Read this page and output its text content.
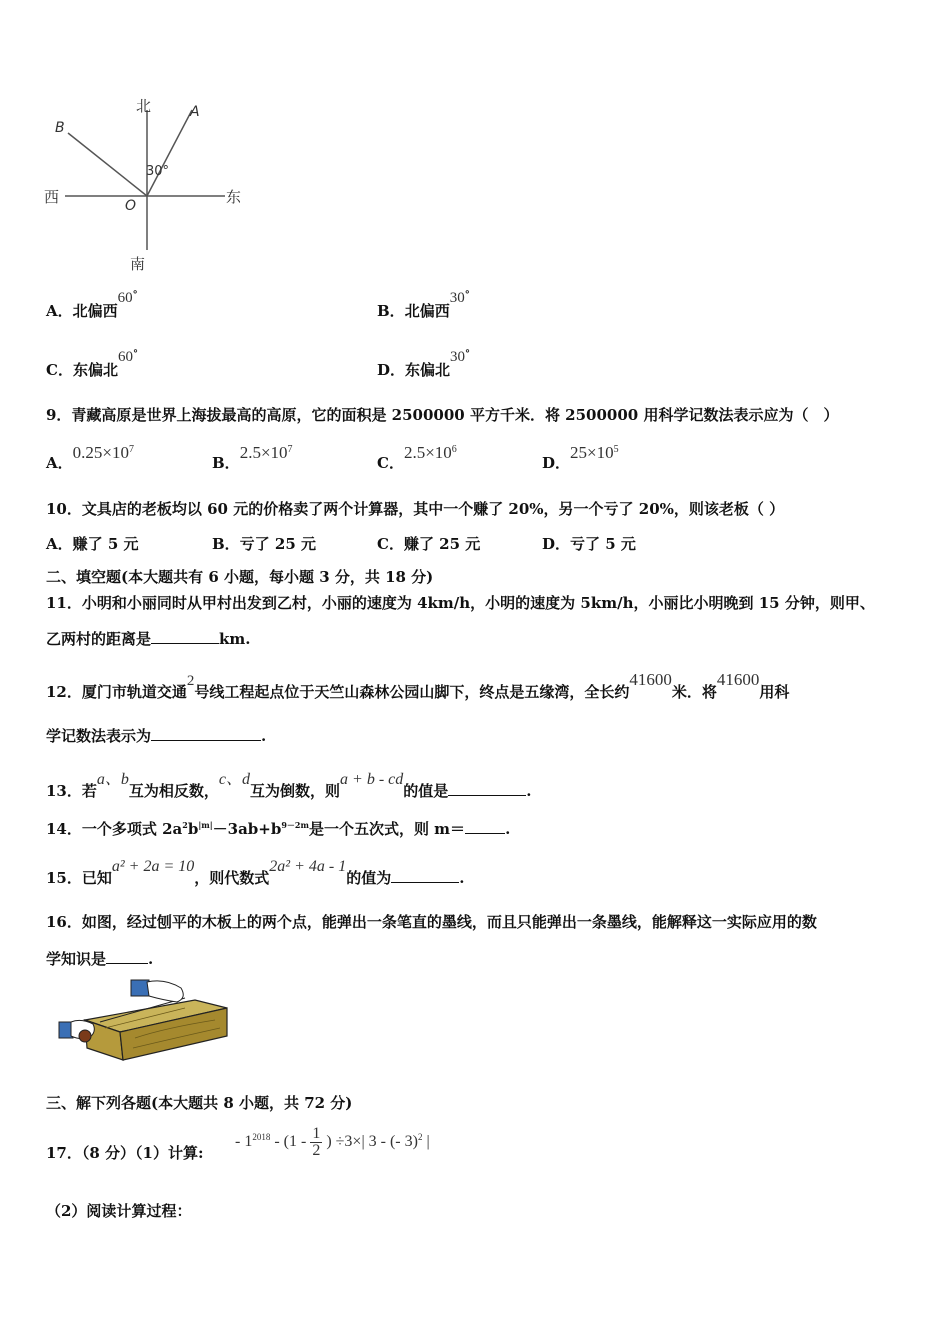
北
南
东
西
A
B
O
30°
A．北偏西$^{60^\circ}$
B．北偏西$^{30^\circ}$
C．东偏北$^{60^\circ}$
D．东偏北$^{30^\circ}$
9．青藏高原是世界上海拔最高的高原，它的面积是 2500000 平方千米．将 2500000 用科学记数法表示应为（　）
A．$0.25\times 10^7$
B．$2.5\times 10^7$
C．$2.5\times 10^6$
D．$25\times 10^5$
10．文具店的老板均以 60 元的价格卖了两个计算器，其中一个赚了 20%，另一个亏了 20%，则该老板（ ）
A．赚了 5 元	B．亏了 25 元	C．赚了 25 元	D．亏了 5 元
二、填空题(本大题共有 6 小题，每小题 3 分，共 18 分)
11．小明和小丽同时从甲村出发到乙村，小丽的速度为 4km/h，小明的速度为 5km/h，小丽比小明晚到 15 分钟，则甲、
乙两村的距离是	km.
12．厦门市轨道交通$^2$号线工程起点位于天竺山森林公园山脚下，终点是五缘湾，全长约$^{41600}$米．将$^{41600}$用科
学记数法表示为	.
13．若$^{a、b}$互为相反数，$^{c、d}$互为倒数，则$^{a + b - cd}$的值是	.
14．一个多项式 $2a^2b^{|m|}-3ab+b^{9-2m}$是一个五次式，则 m＝	.
15．已知$^{a^2 + 2a = 10}$，则代数式$^{2a^2 + 4a - 1}$的值为	.
16．如图，经过刨平的木板上的两个点，能弹出一条笔直的墨线，而且只能弹出一条墨线，能解释这一实际应用的数
学知识是	.
三、解下列各题(本大题共 8 小题，共 72 分)
17．（8 分）（1）计算:
- $1^{2018} - (1 - \frac{1}{2}$ ) ÷3×| 3 - (- 3)$^2$ |
（2）阅读计算过程：
